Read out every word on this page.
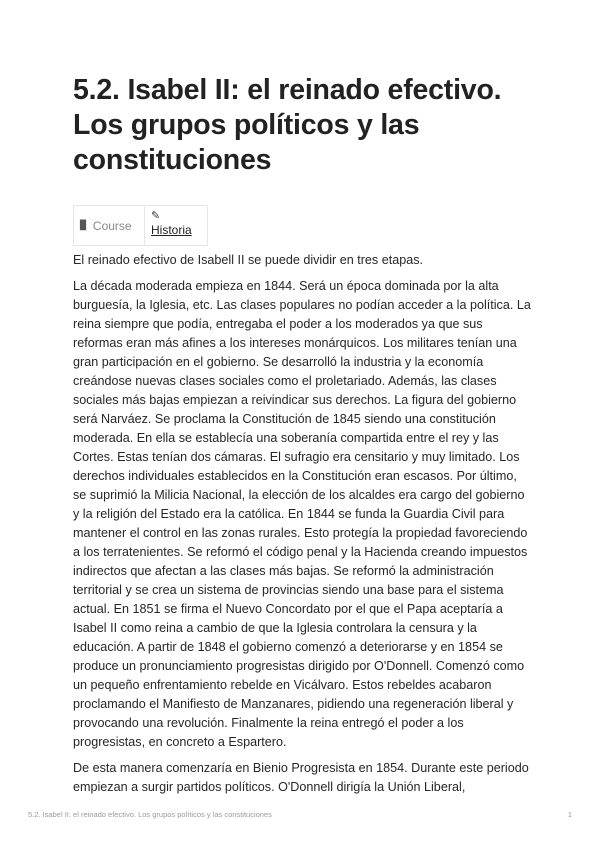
5.2. Isabel II: el reinado efectivo. Los grupos políticos y las constituciones
▉ Course
✎
Historia

El reinado efectivo de Isabell II se puede dividir en tres etapas.

La década moderada empieza en 1844. Será un época dominada por la alta burguesía, la Iglesia, etc. Las clases populares no podían acceder a la política. La reina siempre que podía, entregaba el poder a los moderados ya que sus reformas eran más afines a los intereses monárquicos. Los militares tenían una gran participación en el gobierno. Se desarrolló la industria y la economía creándose nuevas clases sociales como el proletariado. Además, las clases sociales más bajas empiezan a reivindicar sus derechos. La figura del gobierno será Narváez. Se proclama la Constitución de 1845 siendo una constitución moderada. En ella se establecía una soberanía compartida entre el rey y las Cortes. Estas tenían dos cámaras. El sufragio era censitario y muy limitado. Los derechos individuales establecidos en la Constitución eran escasos. Por último, se suprimió la Milicia Nacional, la elección de los alcaldes era cargo del gobierno y la religión del Estado era la católica. En 1844 se funda la Guardia Civil para mantener el control en las zonas rurales. Esto protegía la propiedad favoreciendo a los terratenientes. Se reformó el código penal y la Hacienda creando impuestos indirectos que afectan a las clases más bajas. Se reformó la administración territorial y se crea un sistema de provincias siendo una base para el sistema actual. En 1851 se firma el Nuevo Concordato por el que el Papa aceptaría a Isabel II como reina a cambio de que la Iglesia controlara la censura y la educación. A partir de 1848 el gobierno comenzó a deteriorarse y en 1854 se produce un pronunciamiento progresistas dirigido por O'Donnell. Comenzó como un pequeño enfrentamiento rebelde en Vicálvaro. Estos rebeldes acabaron proclamando el Manifiesto de Manzanares, pidiendo una regeneración liberal y provocando una revolución. Finalmente la reina entregó el poder a los progresistas, en concreto a Espartero.

De esta manera comenzaría en Bienio Progresista en 1854. Durante este periodo empiezan a surgir partidos políticos. O'Donnell dirigía la Unión Liberal,

5.2. Isabel II: el reinado efectivo. Los grupos políticos y las constituciones	1
